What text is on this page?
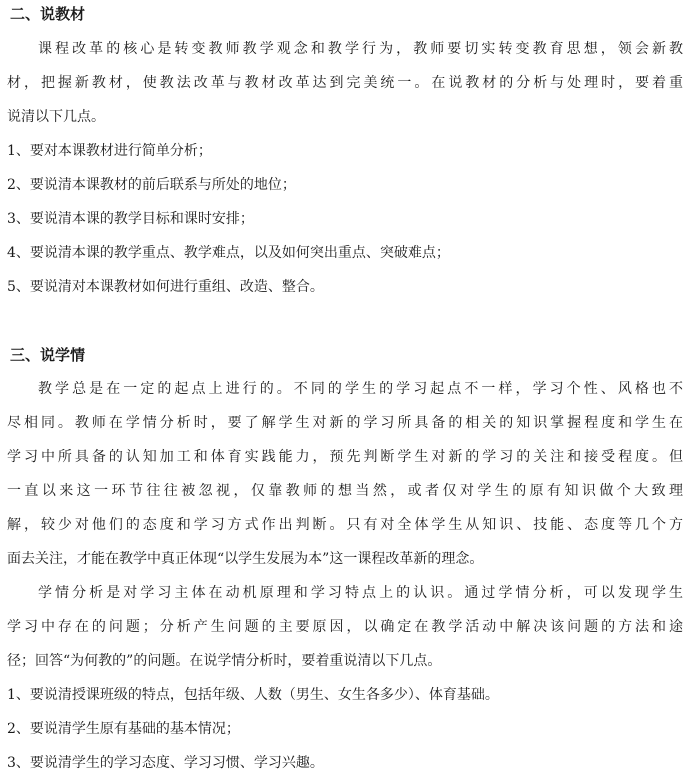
二、说教材
课程改革的核心是转变教师教学观念和教学行为，教师要切实转变教育思想，领会新教
材，把握新教材，使教法改革与教材改革达到完美统一。在说教材的分析与处理时，要着重
说清以下几点。
1、要对本课教材进行简单分析；
2、要说清本课教材的前后联系与所处的地位；
3、要说清本课的教学目标和课时安排；
4、要说清本课的教学重点、教学难点，以及如何突出重点、突破难点；
5、要说清对本课教材如何进行重组、改造、整合。
三、说学情
教学总是在一定的起点上进行的。不同的学生的学习起点不一样，学习个性、风格也不
尽相同。教师在学情分析时，要了解学生对新的学习所具备的相关的知识掌握程度和学生在
学习中所具备的认知加工和体育实践能力，预先判断学生对新的学习的关注和接受程度。但
一直以来这一环节往往被忽视，仅靠教师的想当然，或者仅对学生的原有知识做个大致理
解，较少对他们的态度和学习方式作出判断。只有对全体学生从知识、技能、态度等几个方
面去关注，才能在教学中真正体现“以学生发展为本”这一课程改革新的理念。
学情分析是对学习主体在动机原理和学习特点上的认识。通过学情分析，可以发现学生
学习中存在的问题；分析产生问题的主要原因，以确定在教学活动中解决该问题的方法和途
径；回答“为何教的”的问题。在说学情分析时，要着重说清以下几点。
1、要说清授课班级的特点，包括年级、人数（男生、女生各多少）、体育基础。
2、要说清学生原有基础的基本情况；
3、要说清学生的学习态度、学习习惯、学习兴趣。
